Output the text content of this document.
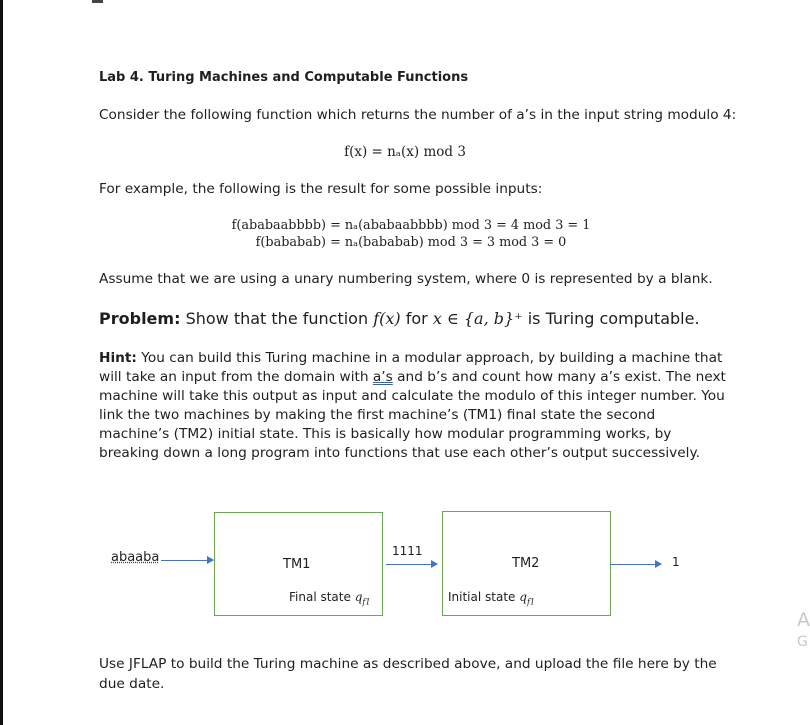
Lab 4. Turing Machines and Computable Functions
Consider the following function which returns the number of a’s in the input string modulo 4:
f(x) = nₐ(x) mod 3
For example, the following is the result for some possible inputs:
f(ababaabbbb) = nₐ(ababaabbbb) mod 3 = 4 mod 3 = 1
f(bababab) = nₐ(bababab) mod 3 = 3 mod 3 = 0
Assume that we are using a unary numbering system, where 0 is represented by a blank.
Problem: Show that the function f(x) for x ∈ {a, b}⁺ is Turing computable.
Hint: You can build this Turing machine in a modular approach, by building a machine that will take an input from the domain with a’s and b’s and count how many a’s exist. The next machine will take this output as input and calculate the modulo of this integer number. You link the two machines by making the first machine’s (TM1) final state the second machine’s (TM2) initial state. This is basically how modular programming works, by breaking down a long program into functions that use each other’s output successively.
abaaba	TM1
Final state $q_{f1}$
1111
TM2
Initial state $q_{f1}$
1
Use JFLAP to build the Turing machine as described above, and upload the file here by the due date.
A
G
